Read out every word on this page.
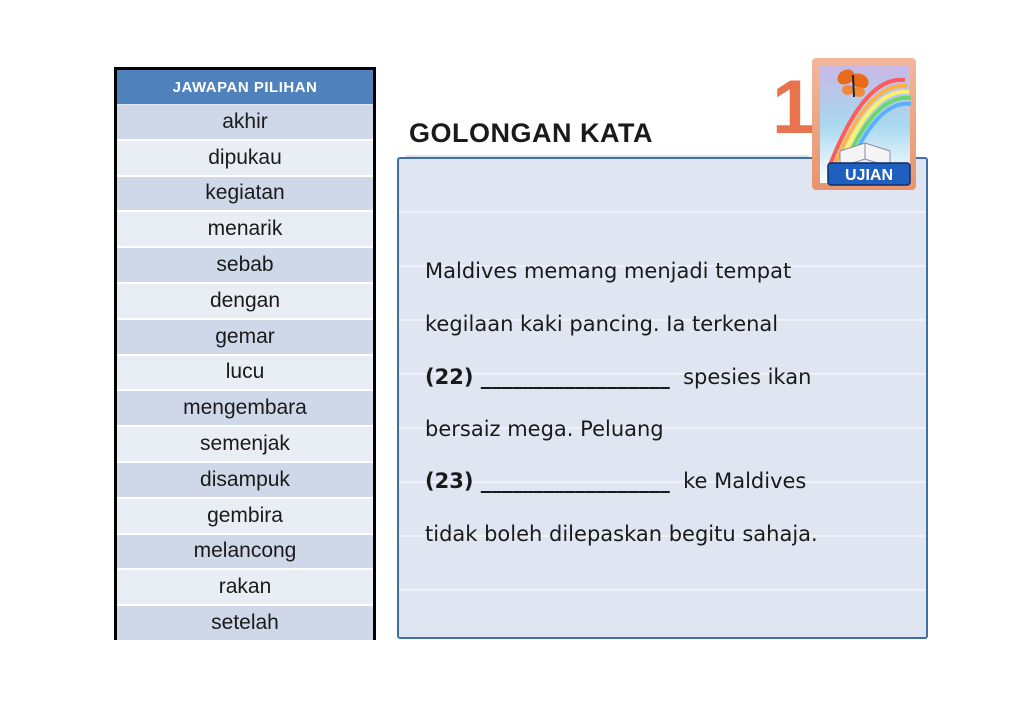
JAWAPAN PILIHAN
akhir
dipukau
kegiatan
menarik
sebab
dengan
gemar
lucu
mengembara
semenjak
disampuk
gembira
melancong
rakan
setelah
GOLONGAN KATA
Maldives memang menjadi tempat
kegilaan kaki pancing. Ia terkenal
(22) __________________  spesies ikan
bersaiz mega. Peluang
(23) __________________  ke Maldives
tidak boleh dilepaskan begitu sahaja.
1
UJIAN
